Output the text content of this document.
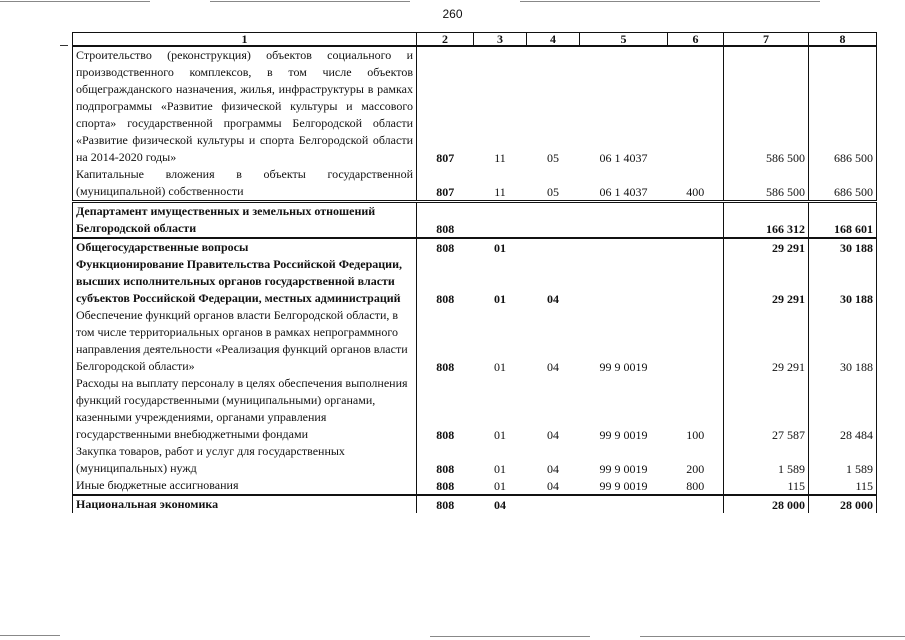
260
1	2	3	4	5	6	7	8
Строительство (реконструкция) объектов социального и производственного комплексов, в том числе объектов общегражданского назначения, жилья, инфраструктуры в рамках подпрограммы «Развитие физической культуры и массового спорта» государственной программы Белгородской области «Развитие физической культуры и спорта Белгородской области на 2014-2020 годы»	807	11	05	06 1 4037		586 500	686 500
Капитальные вложения в объекты государственной (муниципальной) собственности	807	11	05	06 1 4037	400	586 500	686 500
Департамент имущественных и земельных отношений Белгородской области	808					166 312	168 601
Общегосударственные вопросы	808	01				29 291	30 188
Функционирование Правительства Российской Федерации, высших исполнительных органов государственной власти субъектов Российской Федерации, местных администраций	808	01	04			29 291	30 188
Обеспечение функций органов власти Белгородской области, в том числе территориальных органов в рамках непрограммного направления деятельности «Реализация функций органов власти Белгородской области»	808	01	04	99 9 0019		29 291	30 188
Расходы на выплату персоналу в целях обеспечения выполнения функций государственными (муниципальными) органами, казенными учреждениями, органами управления государственными внебюджетными фондами	808	01	04	99 9 0019	100	27 587	28 484
Закупка товаров, работ и услуг для государственных (муниципальных) нужд	808	01	04	99 9 0019	200	1 589	1 589
Иные бюджетные ассигнования	808	01	04	99 9 0019	800	115	115
Национальная экономика	808	04				28 000	28 000
